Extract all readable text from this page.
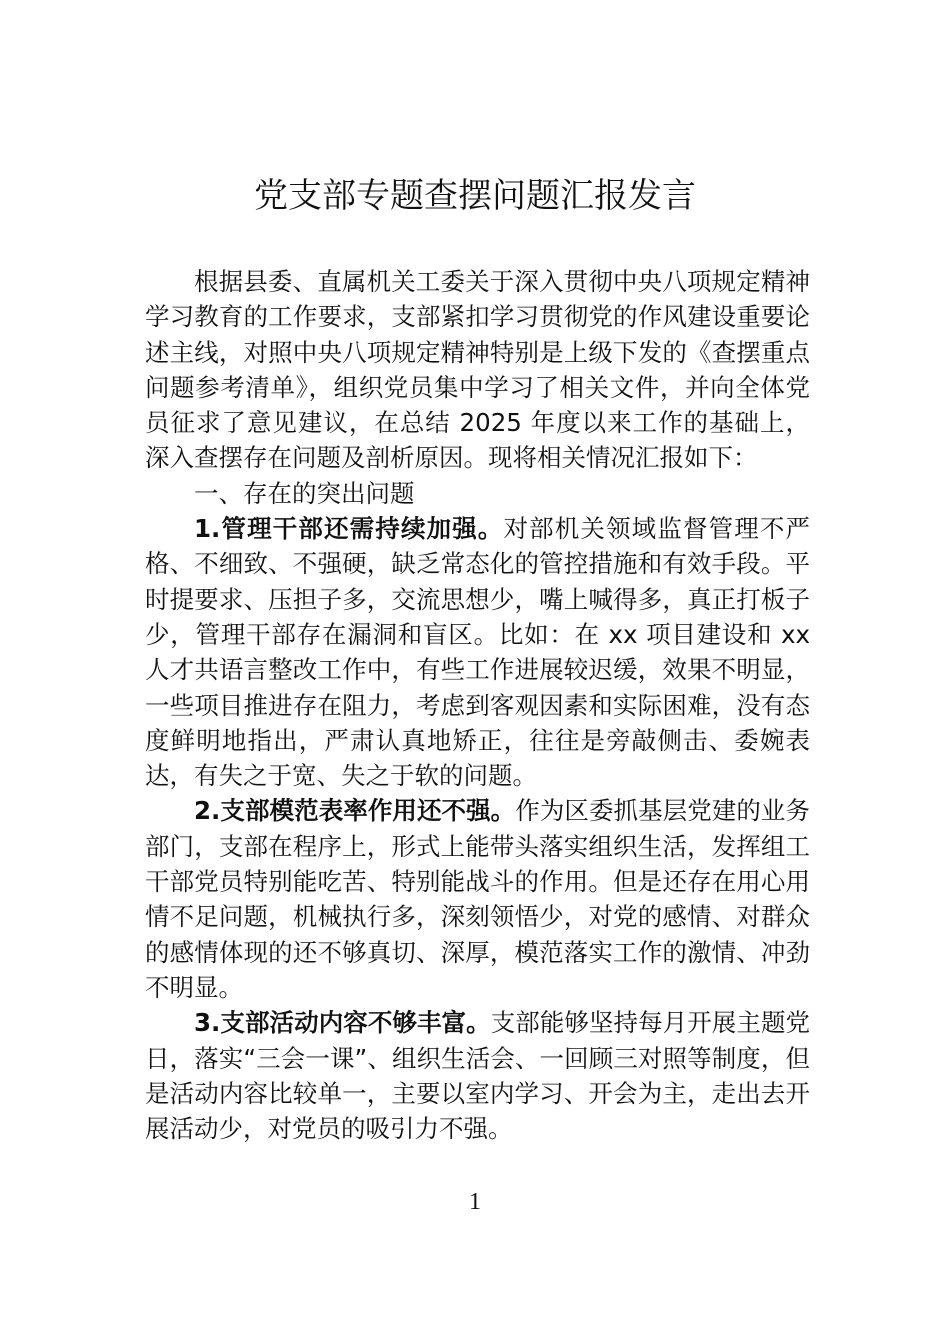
党支部专题查摆问题汇报发言

根据县委、直属机关工委关于深入贯彻中央八项规定精神学习教育的工作要求，支部紧扣学习贯彻党的作风建设重要论述主线，对照中央八项规定精神特别是上级下发的《查摆重点问题参考清单》，组织党员集中学习了相关文件，并向全体党员征求了意见建议，在总结 2025 年度以来工作的基础上，深入查摆存在问题及剖析原因。现将相关情况汇报如下：

一、存在的突出问题

1.管理干部还需持续加强。对部机关领域监督管理不严格、不细致、不强硬，缺乏常态化的管控措施和有效手段。平时提要求、压担子多，交流思想少，嘴上喊得多，真正打板子少，管理干部存在漏洞和盲区。比如：在 xx 项目建设和 xx 人才共语言整改工作中，有些工作进展较迟缓，效果不明显，一些项目推进存在阻力，考虑到客观因素和实际困难，没有态度鲜明地指出，严肃认真地矫正，往往是旁敲侧击、委婉表达，有失之于宽、失之于软的问题。

2.支部模范表率作用还不强。作为区委抓基层党建的业务部门，支部在程序上，形式上能带头落实组织生活，发挥组工干部党员特别能吃苦、特别能战斗的作用。但是还存在用心用情不足问题，机械执行多，深刻领悟少，对党的感情、对群众的感情体现的还不够真切、深厚，模范落实工作的激情、冲劲不明显。

3.支部活动内容不够丰富。支部能够坚持每月开展主题党日，落实“三会一课”、组织生活会、一回顾三对照等制度，但是活动内容比较单一，主要以室内学习、开会为主，走出去开展活动少，对党员的吸引力不强。

1
